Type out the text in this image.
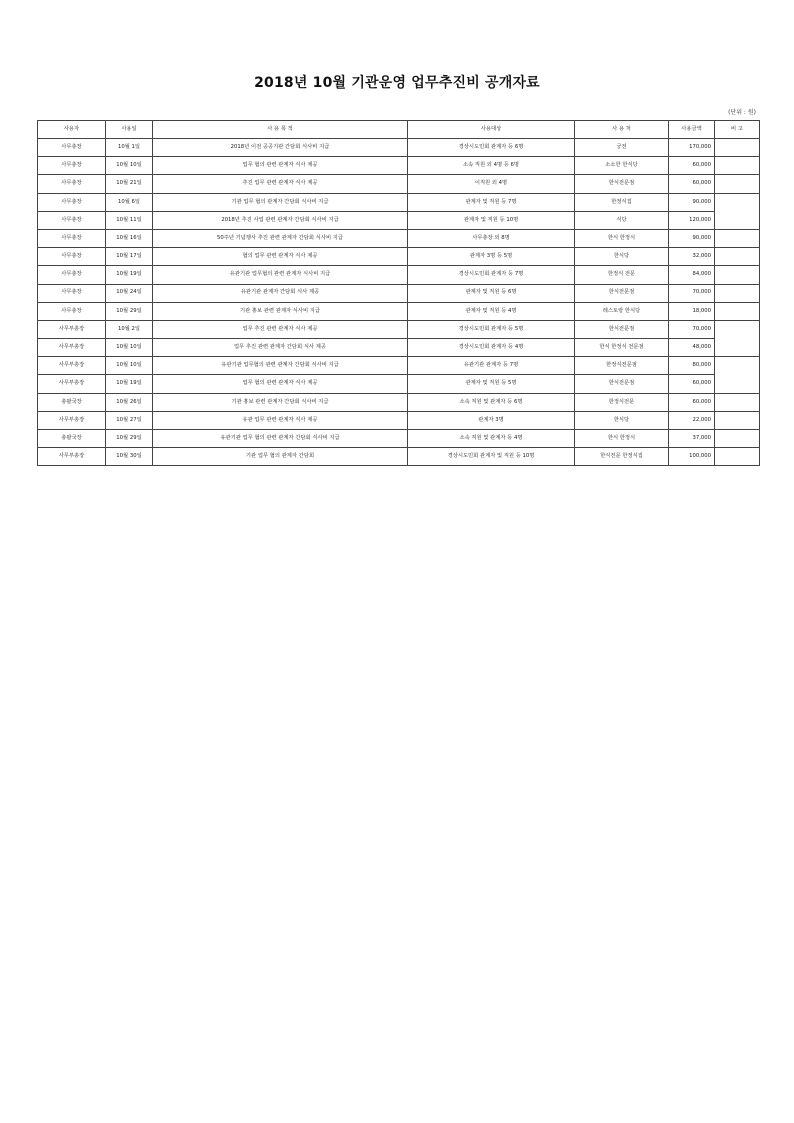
2018년 10월 기관운영 업무추진비 공개자료
(단위 : 원)
사용자	사용일	사 용 목 적	사용대상	사 용 처	사용금액	비 고
사무총장	10월 1일	2018년 이전 공공기관 간담회 식사비 지급	경상시도민회 관계자 등 6명	궁전	170,000	
사무총장	10월 10일	업무 협의 관련 관계자 식사 제공	소속 직원 외 4명 등 6명	소소한 한식당	60,000	
사무총장	10월 21일	추진 업무 관련 관계자 식사 제공	이직원 외 4명	한식전문점	60,000	
사무총장	10월 6일	기관 업무 협의 관계자 간담회 식사비 지급	관계자 및 직원 등 7명	한정식집	90,000	
사무총장	10월 11일	2018년 추진 사업 관련 관계자 간담회 식사비 지급	관계자 및 직원 등 10명	식당	120,000	
사무총장	10월 16일	50주년 기념행사 추진 관련 관계자 간담회 식사비 지급	사무총장 외 8명	한식 한정식	90,000	
사무총장	10월 17일	협의 업무 관련 관계자 식사 제공	관계자 3명 등 5명	한식당	32,000	
사무총장	10월 19일	유관기관 업무협의 관련 관계자 식사비 지급	경상시도민회 관계자 등 7명	한정식 전문	84,000	
사무총장	10월 24일	유관기관 관계자 간담회 식사 제공	관계자 및 직원 등 6명	한식전문점	70,000	
사무총장	10월 29일	기관 홍보 관련 관계자 식사비 지급	관계자 및 직원 등 4명	레스토랑 한식당	18,000	
사무부총장	10월 2일	업무 추진 관련 관계자 식사 제공	경상시도민회 관계자 등 5명	한식전문점	70,000	
사무부총장	10월 10일	업무 추진 관련 관계자 간담회 식사 제공	경상시도민회 관계자 등 4명	한식 한정식 전문점	48,000	
사무부총장	10월 10일	유관기관 업무협의 관련 관계자 간담회 식사비 지급	유관기관 관계자 등 7명	한정식전문점	80,000	
사무부총장	10월 19일	업무 협의 관련 관계자 식사 제공	관계자 및 직원 등 5명	한식전문점	60,000	
총괄국장	10월 26일	기관 홍보 관련 관계자 간담회 식사비 지급	소속 직원 및 관계자 등 6명	한정식전문	60,000	
사무부총장	10월 27일	유관 업무 관련 관계자 식사 제공	관계자 3명	한식당	22,000	
총괄국장	10월 29일	유관기관 업무 협의 관련 관계자 간담회 식사비 지급	소속 직원 및 관계자 등 4명	한식 한정식	37,000	
사무부총장	10월 30일	기관 업무 협의 관계자 간담회	경상시도민회 관계자 및 직원 등 10명	한식전문 한정식집	100,000	
